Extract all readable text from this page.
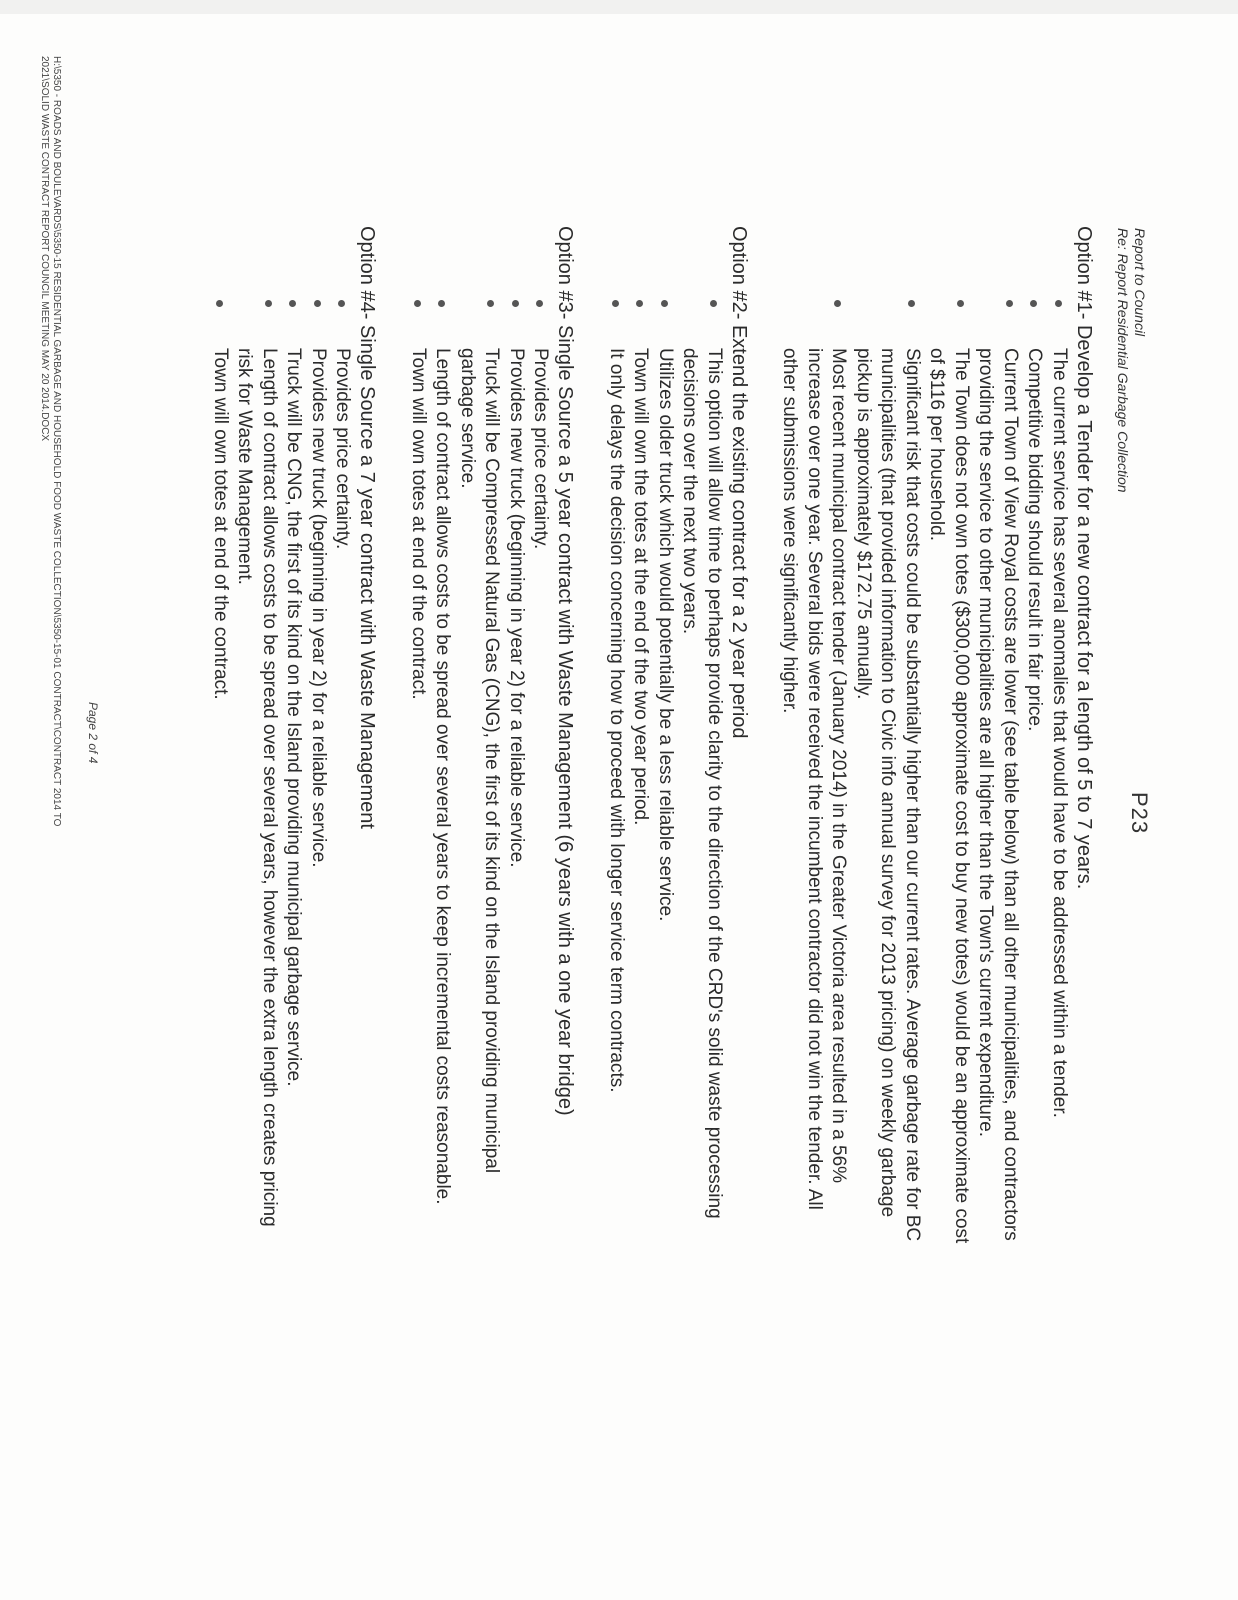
Report to Council
Re: Report Residential Garbage Collection
P23

Option #1- Develop a Tender for a new contract for a length of 5 to 7 years.

The current service has several anomalies that would have to be addressed within a tender.
Competitive bidding should result in fair price.
Current Town of View Royal costs are lower (see table below) than all other municipalities, and contractors providing the service to other municipalities are all higher than the Town's current expenditure.
The Town does not own totes ($300,000 approximate cost to buy new totes) would be an approximate cost of $116 per household.
Significant risk that costs could be substantially higher than our current rates. Average garbage rate for BC municipalities (that provided information to Civic info annual survey for 2013 pricing) on weekly garbage pickup is approximately $172.75 annually.
Most recent municipal contract tender (January 2014) in the Greater Victoria area resulted in a 56% increase over one year. Several bids were received the incumbent contractor did not win the tender. All other submissions were significantly higher.

Option #2- Extend the existing contract for a 2 year period

This option will allow time to perhaps provide clarity to the direction of the CRD's solid waste processing decisions over the next two years.
Utilizes older truck which would potentially be a less reliable service.
Town will own the totes at the end of the two year period.
It only delays the decision concerning how to proceed with longer service term contracts.

Option #3- Single Source a 5 year contract with Waste Management (6 years with a one year bridge)

Provides price certainty.
Provides new truck (beginning in year 2) for a reliable service.
Truck will be Compressed Natural Gas (CNG), the first of its kind on the Island providing municipal garbage service.
Length of contract allows costs to be spread over several years to keep incremental costs reasonable.
Town will own totes at end of the contract.

Option #4- Single Source a 7 year contract with Waste Management

Provides price certainty.
Provides new truck (beginning in year 2) for a reliable service.
Truck will be CNG, the first of its kind on the Island providing municipal garbage service.
Length of contract allows costs to be spread over several years, however the extra length creates pricing risk for Waste Management.
Town will own totes at end of the contract.
Page 2 of 4
H:\5350 - ROADS AND BOULEVARDS\5350-15 RESIDENTIAL GARBAGE AND HOUSEHOLD FOOD WASTE COLLECTION\5350-15-01 CONTRACT\CONTRACT 2014 TO
2021\SOLID WASTE CONTRACT REPORT COUNCIL MEETING MAY 20 2014.DOCX
